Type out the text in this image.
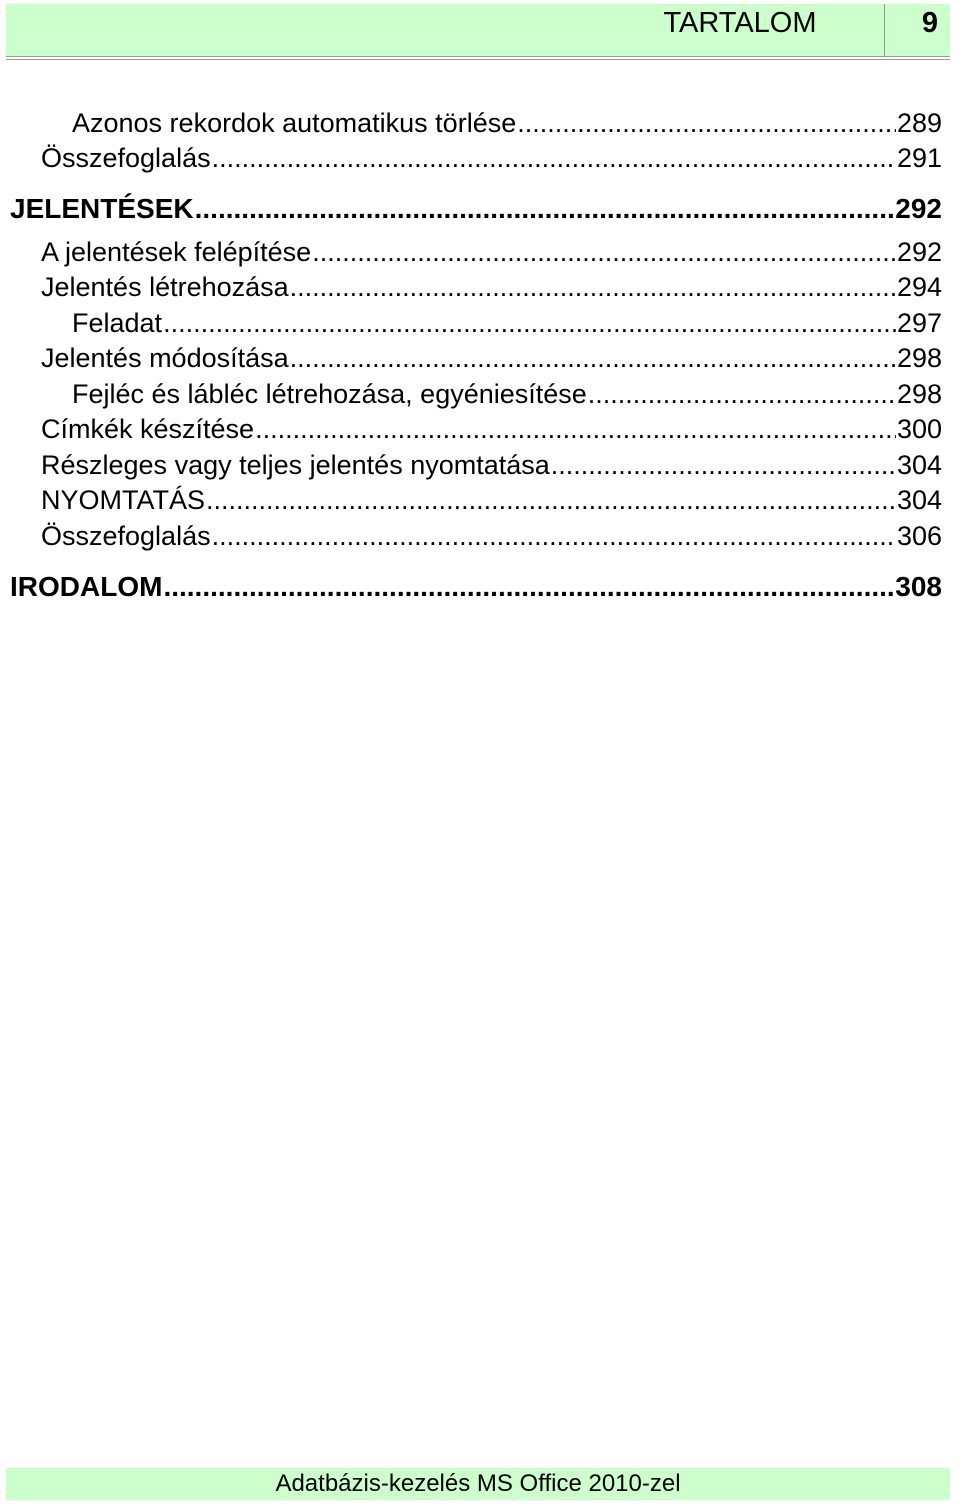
TARTALOM	9
Azonos rekordok automatikus törlése .....	289
Összefoglalás .....	291
JELENTÉSEK .....	292
A jelentések felépítése .....	292
Jelentés létrehozása .....	294
Feladat .....	297
Jelentés módosítása .....	298
Fejléc és lábléc létrehozása, egyéniesítése .....	298
Címkék készítése .....	300
Részleges vagy teljes jelentés nyomtatása .....	304
NYOMTATÁS .....	304
Összefoglalás .....	306
IRODALOM .....	308
Adatbázis-kezelés MS Office 2010-zel
